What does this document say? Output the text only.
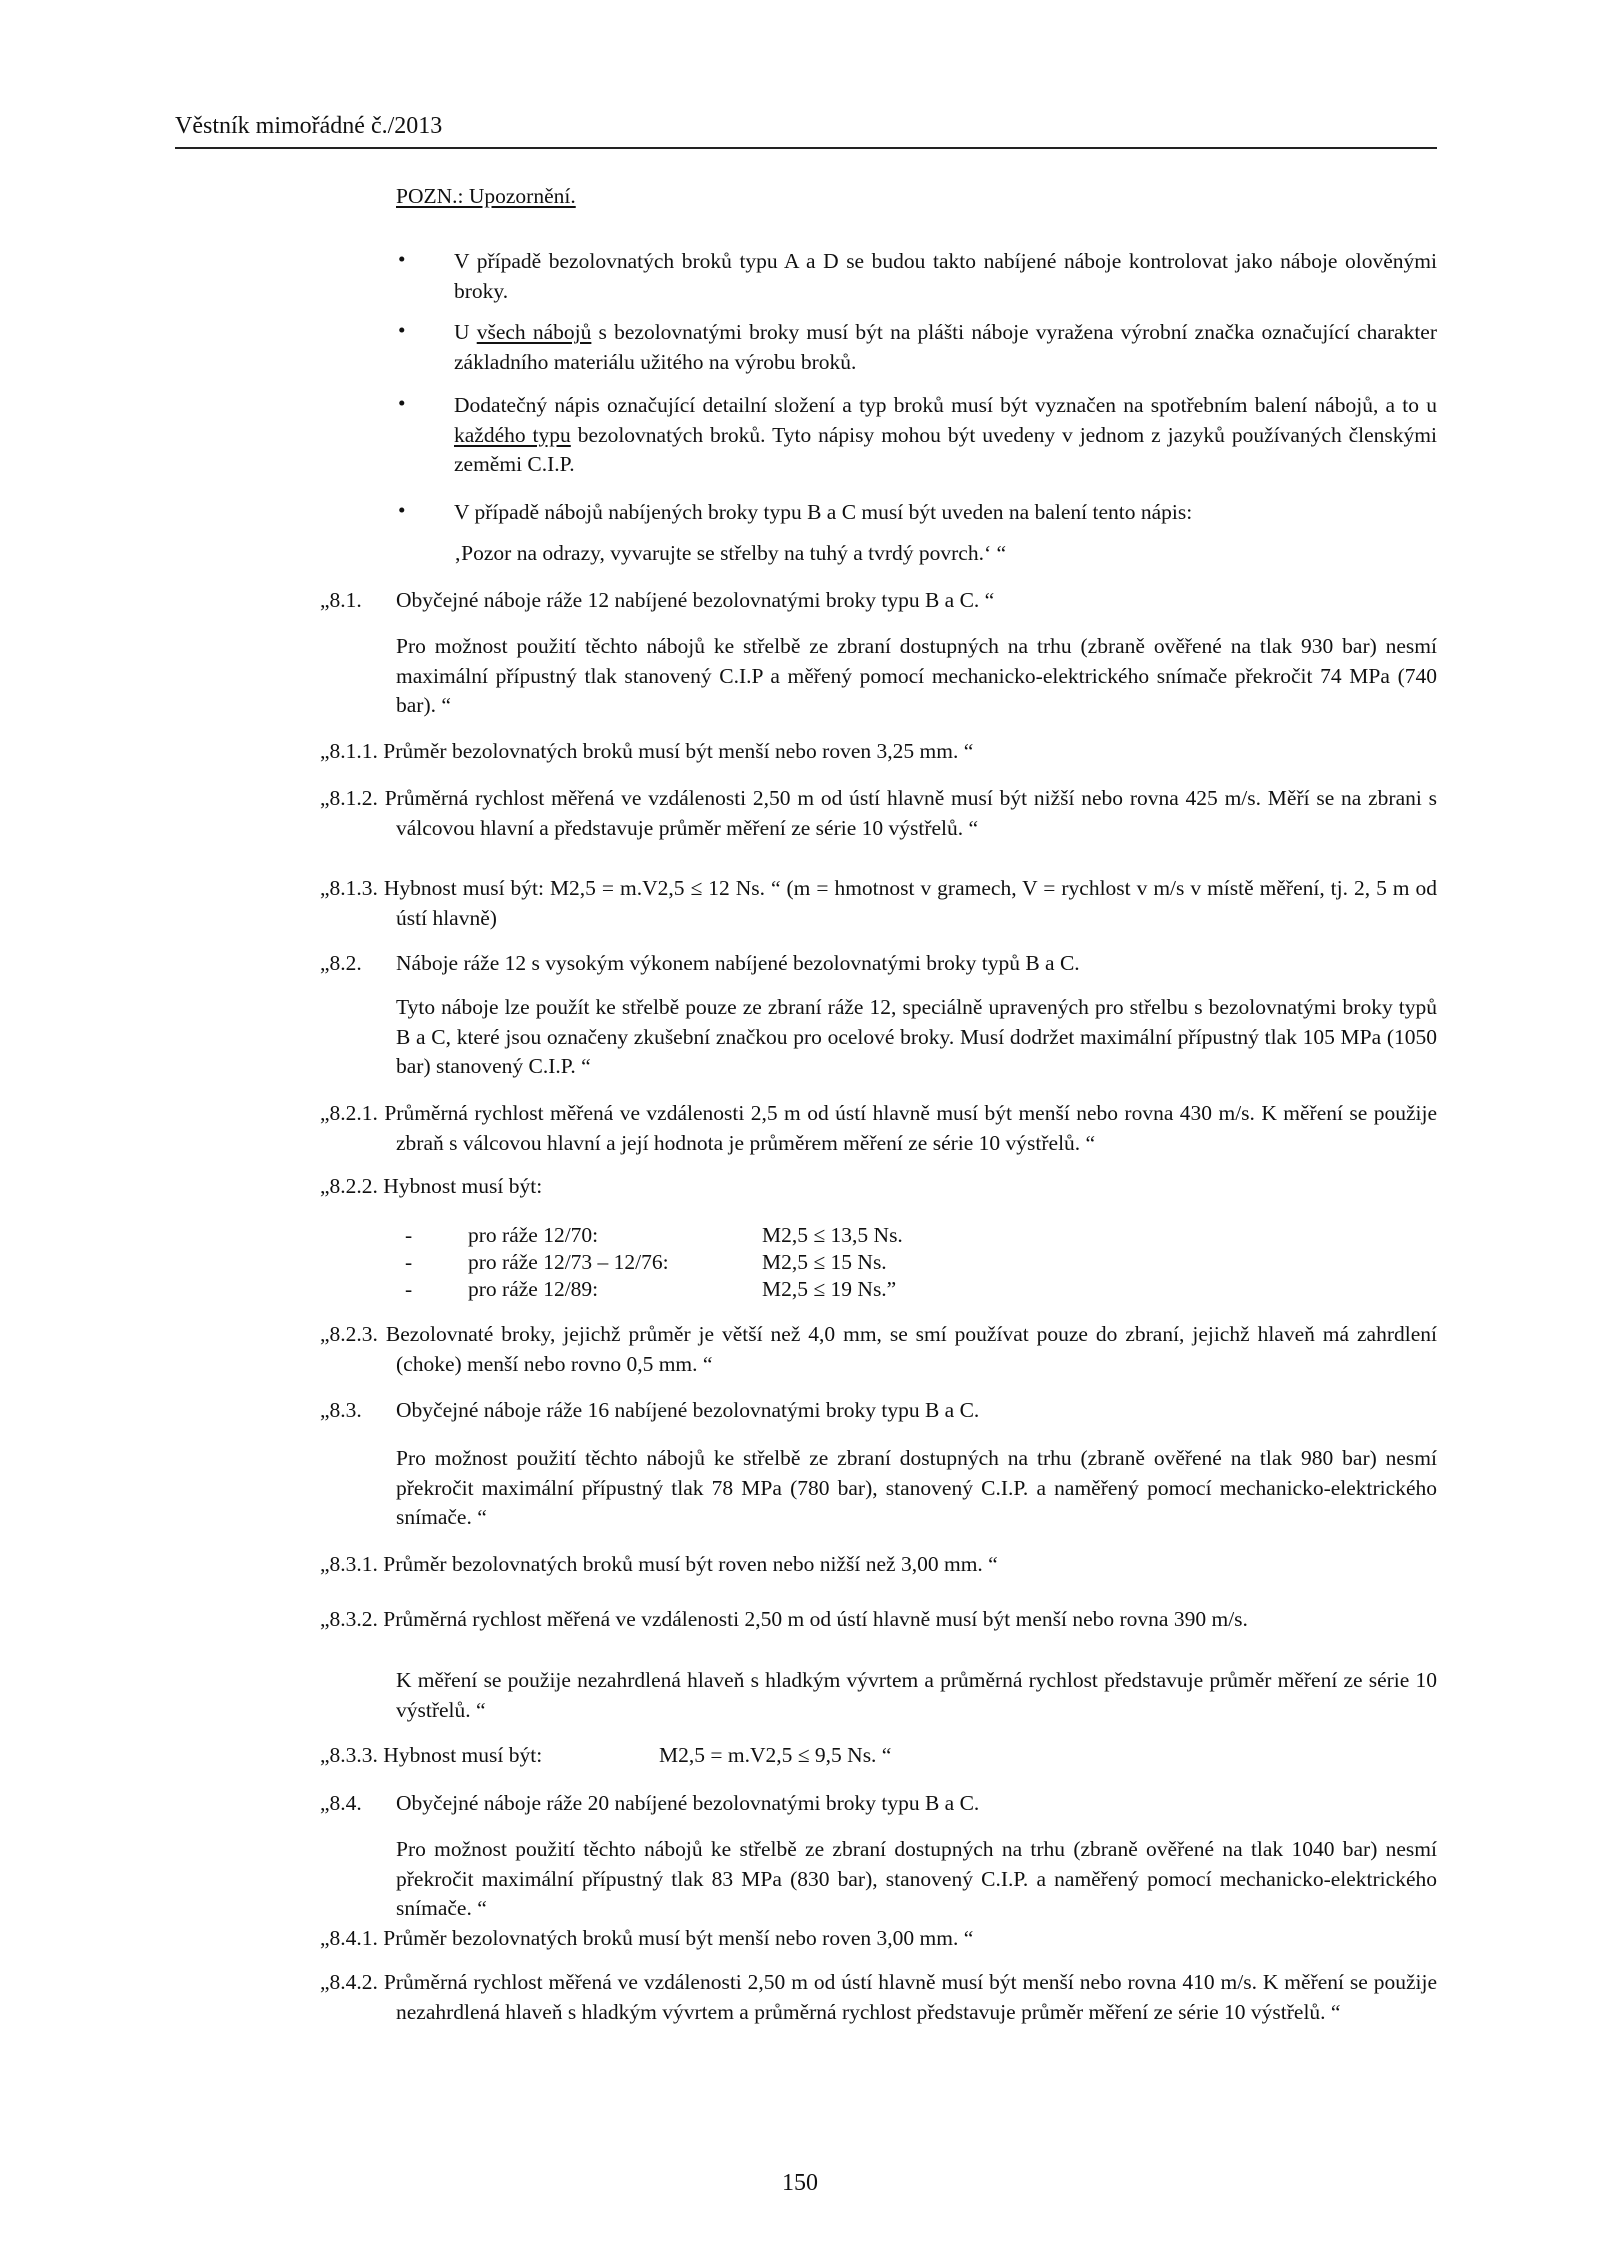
Věstník mimořádné č./2013
POZN.: Upozornění.
• V případě bezolovnatých broků typu A a D se budou takto nabíjené náboje kontrolovat jako náboje olověnými broky.
• U všech nábojů s bezolovnatými broky musí být na plášti náboje vyražena výrobní značka označující charakter základního materiálu užitého na výrobu broků.
• Dodatečný nápis označující detailní složení a typ broků musí být vyznačen na spotřebním balení nábojů, a to u každého typu bezolovnatých broků. Tyto nápisy mohou být uvedeny v jednom z jazyků používaných členskými zeměmi C.I.P.
• V případě nábojů nabíjených broky typu B a C musí být uveden na balení tento nápis:
‚Pozor na odrazy, vyvarujte se střelby na tuhý a tvrdý povrch.‘ “
„8.1. Obyčejné náboje ráže 12 nabíjené bezolovnatými broky typu B a C. “
Pro možnost použití těchto nábojů ke střelbě ze zbraní dostupných na trhu (zbraně ověřené na tlak 930 bar) nesmí maximální přípustný tlak stanovený C.I.P a měřený pomocí mechanicko-elektrického snímače překročit 74 MPa (740 bar). “
„8.1.1. Průměr bezolovnatých broků musí být menší nebo roven 3,25 mm. “
„8.1.2. Průměrná rychlost měřená ve vzdálenosti 2,50 m od ústí hlavně musí být nižší nebo rovna 425 m/s. Měří se na zbrani s válcovou hlavní a představuje průměr měření ze série 10 výstřelů. “
„8.1.3. Hybnost musí být: M2,5 = m.V2,5 ≤ 12 Ns. “ (m = hmotnost v gramech, V = rychlost v m/s v místě měření, tj. 2, 5 m od ústí hlavně)
„8.2. Náboje ráže 12 s vysokým výkonem nabíjené bezolovnatými broky typů B a C.
Tyto náboje lze použít ke střelbě pouze ze zbraní ráže 12, speciálně upravených pro střelbu s bezolovnatými broky typů B a C, které jsou označeny zkušební značkou pro ocelové broky. Musí dodržet maximální přípustný tlak 105 MPa (1050 bar) stanovený C.I.P. “
„8.2.1. Průměrná rychlost měřená ve vzdálenosti 2,5 m od ústí hlavně musí být menší nebo rovna 430 m/s. K měření se použije zbraň s válcovou hlavní a její hodnota je průměrem měření ze série 10 výstřelů. “
„8.2.2. Hybnost musí být:
-	pro ráže 12/70:	M2,5 ≤ 13,5 Ns.
-	pro ráže 12/73 – 12/76:	M2,5 ≤ 15 Ns.
-	pro ráže 12/89:	M2,5 ≤ 19 Ns.”
„8.2.3. Bezolovnaté broky, jejichž průměr je větší než 4,0 mm, se smí používat pouze do zbraní, jejichž hlaveň má zahrdlení (choke) menší nebo rovno 0,5 mm. “
„8.3. Obyčejné náboje ráže 16 nabíjené bezolovnatými broky typu B a C.
Pro možnost použití těchto nábojů ke střelbě ze zbraní dostupných na trhu (zbraně ověřené na tlak 980 bar) nesmí překročit maximální přípustný tlak 78 MPa (780 bar), stanovený C.I.P. a naměřený pomocí mechanicko-elektrického snímače. “
„8.3.1. Průměr bezolovnatých broků musí být roven nebo nižší než 3,00 mm. “
„8.3.2. Průměrná rychlost měřená ve vzdálenosti 2,50 m od ústí hlavně musí být menší nebo rovna 390 m/s.
K měření se použije nezahrdlená hlaveň s hladkým vývrtem a průměrná rychlost představuje průměr měření ze série 10 výstřelů. “
„8.3.3. Hybnost musí být:	M2,5 = m.V2,5 ≤ 9,5 Ns. “
„8.4. Obyčejné náboje ráže 20 nabíjené bezolovnatými broky typu B a C.
Pro možnost použití těchto nábojů ke střelbě ze zbraní dostupných na trhu (zbraně ověřené na tlak 1040 bar) nesmí překročit maximální přípustný tlak 83 MPa (830 bar), stanovený C.I.P. a naměřený pomocí mechanicko-elektrického snímače. “
„8.4.1. Průměr bezolovnatých broků musí být menší nebo roven 3,00 mm. “
„8.4.2. Průměrná rychlost měřená ve vzdálenosti 2,50 m od ústí hlavně musí být menší nebo rovna 410 m/s. K měření se použije nezahrdlená hlaveň s hladkým vývrtem a průměrná rychlost představuje průměr měření ze série 10 výstřelů. “
150
